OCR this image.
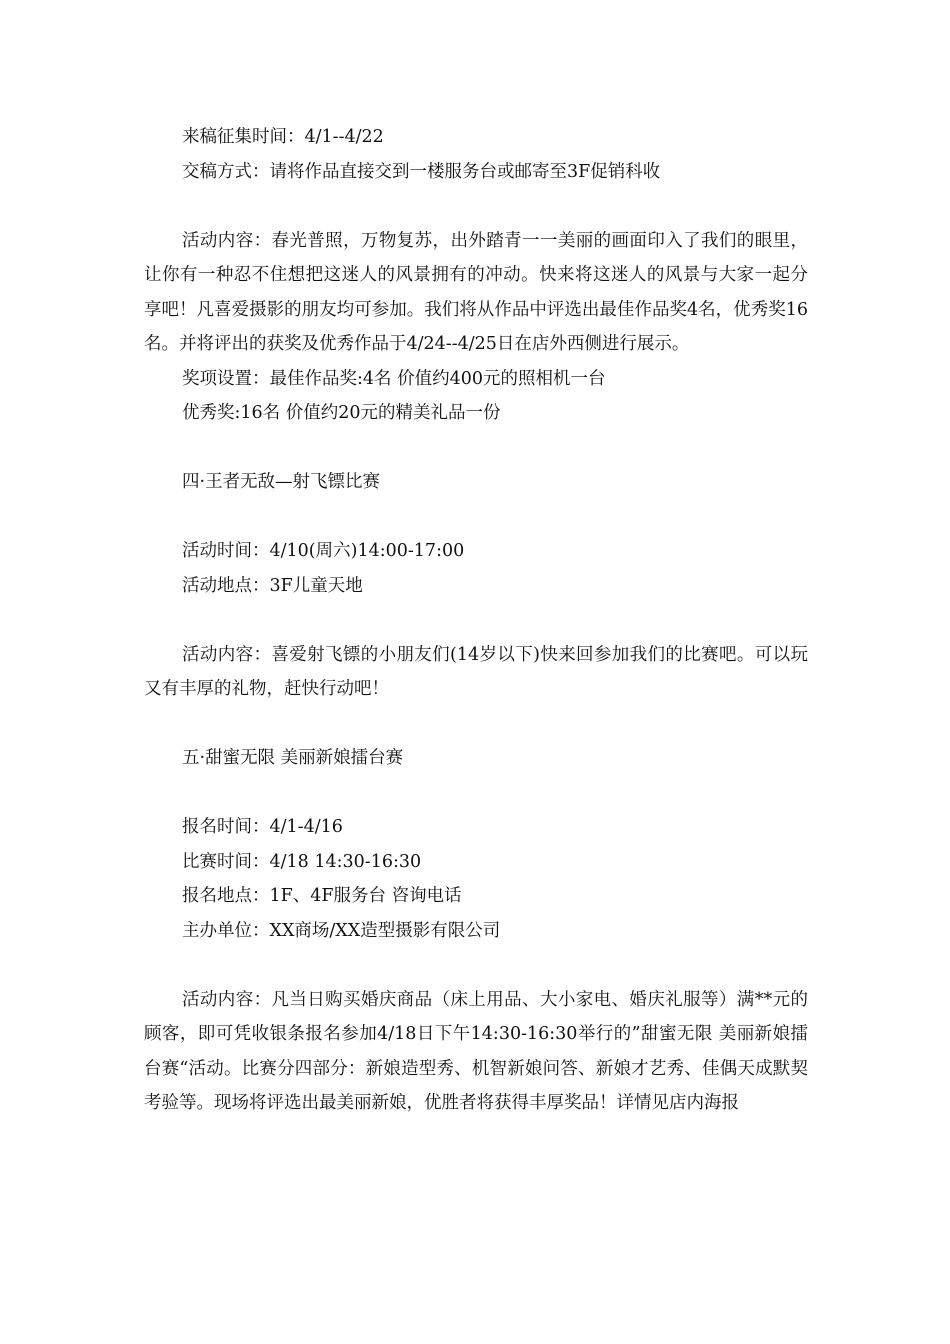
来稿征集时间：4/1--4/22

交稿方式：请将作品直接交到一楼服务台或邮寄至3F促销科收

活动内容：春光普照，万物复苏，出外踏青一一美丽的画面印入了我们的眼里，让你有一种忍不住想把这迷人的风景拥有的冲动。快来将这迷人的风景与大家一起分享吧！凡喜爱摄影的朋友均可参加。我们将从作品中评选出最佳作品奖4名，优秀奖16名。并将评出的获奖及优秀作品于4/24--4/25日在店外西侧进行展示。

奖项设置：最佳作品奖:4名 价值约400元的照相机一台

优秀奖:16名 价值约20元的精美礼品一份

四·王者无敌—射飞镖比赛

活动时间：4/10(周六)14:00-17:00

活动地点：3F儿童天地

活动内容：喜爱射飞镖的小朋友们(14岁以下)快来回参加我们的比赛吧。可以玩又有丰厚的礼物，赶快行动吧！

五·甜蜜无限 美丽新娘擂台赛

报名时间：4/1-4/16

比赛时间：4/18 14:30-16:30

报名地点：1F、4F服务台 咨询电话

主办单位：XX商场/XX造型摄影有限公司

活动内容：凡当日购买婚庆商品（床上用品、大小家电、婚庆礼服等）满**元的顾客，即可凭收银条报名参加4/18日下午14:30-16:30举行的”甜蜜无限 美丽新娘擂台赛“活动。比赛分四部分：新娘造型秀、机智新娘问答、新娘才艺秀、佳偶天成默契考验等。现场将评选出最美丽新娘，优胜者将获得丰厚奖品！详情见店内海报
